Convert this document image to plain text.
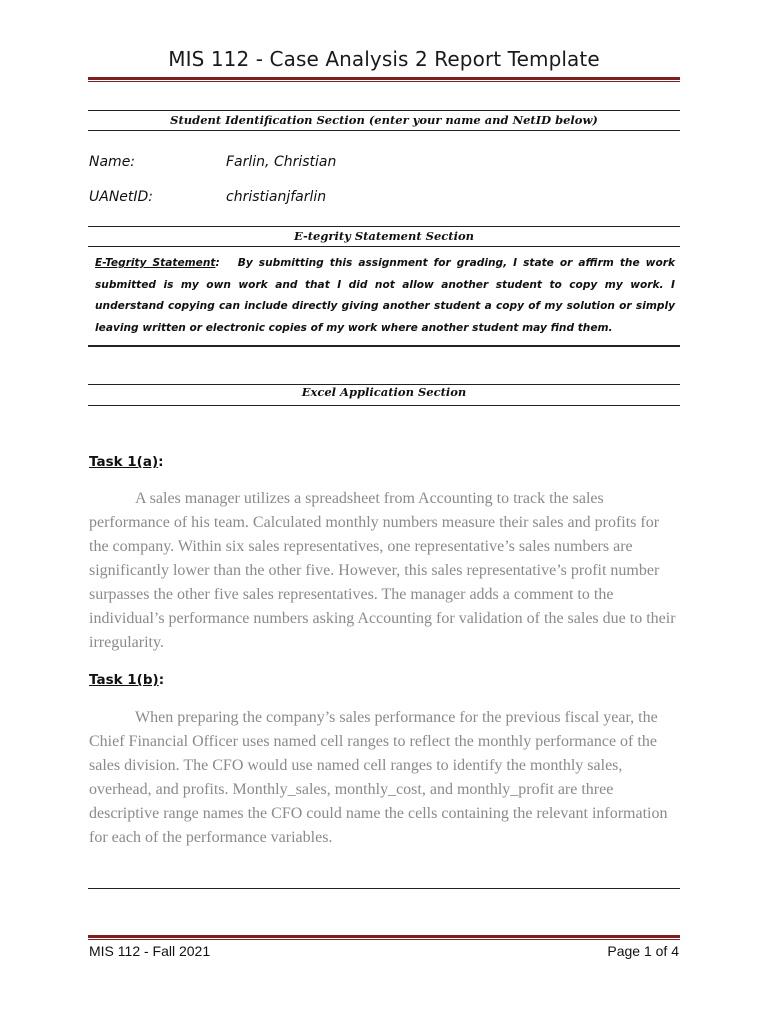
MIS 112 - Case Analysis 2 Report Template
Student Identification Section (enter your name and NetID below)
Name:	Farlin, Christian
UANetID:	christianjfarlin
E-tegrity Statement Section
E-Tegrity Statement: By submitting this assignment for grading, I state or affirm the work submitted is my own work and that I did not allow another student to copy my work. I understand copying can include directly giving another student a copy of my solution or simply leaving written or electronic copies of my work where another student may find them.
Excel Application Section
Task 1(a):

A sales manager utilizes a spreadsheet from Accounting to track the sales performance of his team. Calculated monthly numbers measure their sales and profits for the company. Within six sales representatives, one representative’s sales numbers are significantly lower than the other five. However, this sales representative’s profit number surpasses the other five sales representatives. The manager adds a comment to the individual’s performance numbers asking Accounting for validation of the sales due to their irregularity.

Task 1(b):

When preparing the company’s sales performance for the previous fiscal year, the Chief Financial Officer uses named cell ranges to reflect the monthly performance of the sales division. The CFO would use named cell ranges to identify the monthly sales, overhead, and profits. Monthly_sales, monthly_cost, and monthly_profit are three descriptive range names the CFO could name the cells containing the relevant information for each of the performance variables.

MIS 112 - Fall 2021	Page 1 of 4
